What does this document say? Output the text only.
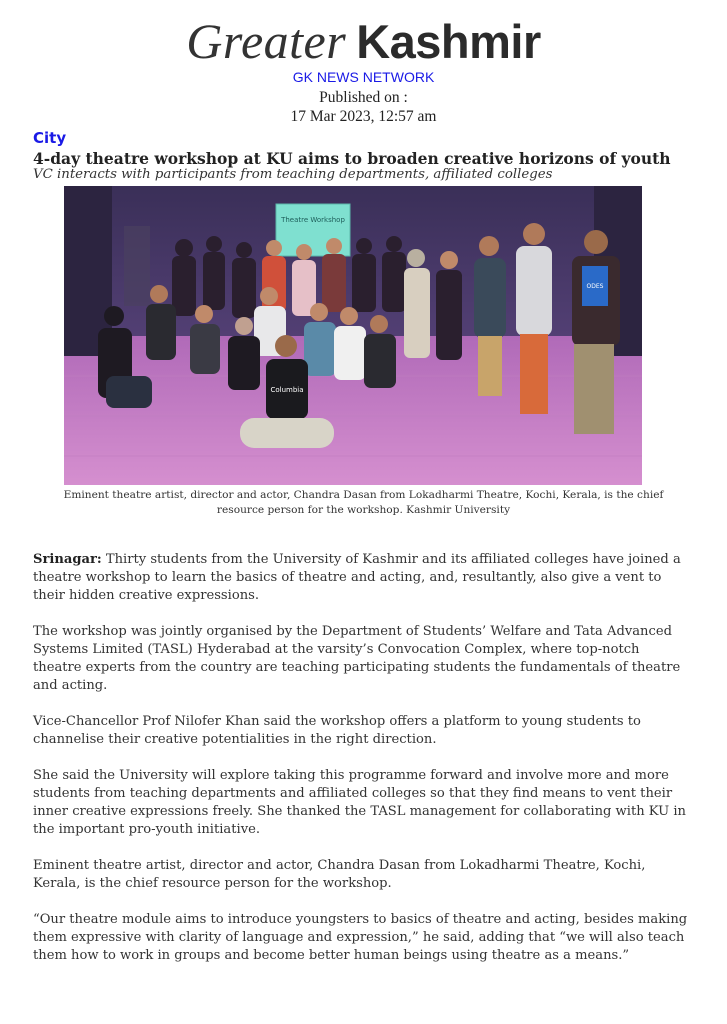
Greater Kashmir
GK NEWS NETWORK
Published on :
17 Mar 2023, 12:57 am
City
4-day theatre workshop at KU aims to broaden creative horizons of youth
VC interacts with participants from teaching departments, affiliated colleges
Theatre Workshop
Columbia
ODES
Eminent theatre artist, director and actor, Chandra Dasan from Lokadharmi Theatre, Kochi, Kerala, is the chief resource person for the workshop. Kashmir University

Srinagar: Thirty students from the University of Kashmir and its affiliated colleges have joined a theatre workshop to learn the basics of theatre and acting, and, resultantly, also give a vent to their hidden creative expressions.

The workshop was jointly organised by the Department of Students’ Welfare and Tata Advanced Systems Limited (TASL) Hyderabad at the varsity’s Convocation Complex, where top-notch theatre experts from the country are teaching participating students the fundamentals of theatre and acting.

Vice-Chancellor Prof Nilofer Khan said the workshop offers a platform to young students to channelise their creative potentialities in the right direction.

She said the University will explore taking this programme forward and involve more and more students from teaching departments and affiliated colleges so that they find means to vent their inner creative expressions freely. She thanked the TASL management for collaborating with KU in the important pro-youth initiative.

Eminent theatre artist, director and actor, Chandra Dasan from Lokadharmi Theatre, Kochi, Kerala, is the chief resource person for the workshop.

“Our theatre module aims to introduce youngsters to basics of theatre and acting, besides making them expressive with clarity of language and expression,” he said, adding that “we will also teach them how to work in groups and become better human beings using theatre as a means.”
